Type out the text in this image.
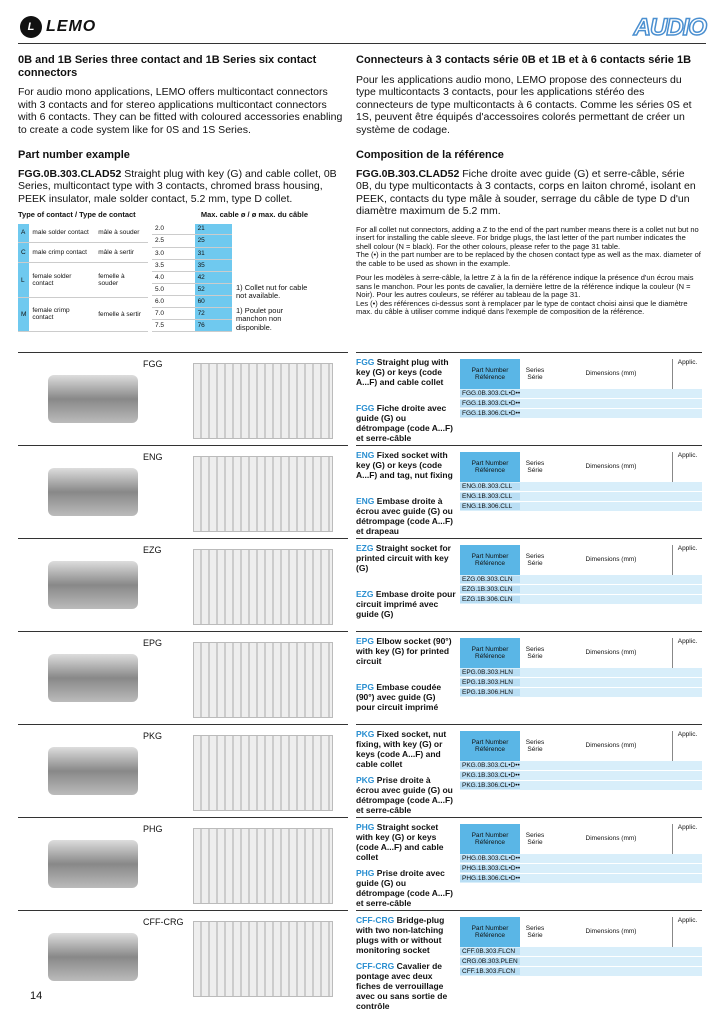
L LEMO	AUDIO
0B and 1B Series three contact and 1B Series six contact connectors
For audio mono applications, LEMO offers multicontact connectors with 3 contacts and for stereo applications multicontact connectors with 6 contacts. They can be fitted with coloured accessories enabling to create a code system like for 0S and 1S Series.
Part number example
FGG.0B.303.CLAD52 Straight plug with key (G) and cable collet, 0B Series, multicontact type with 3 contacts, chromed brass housing, PEEK insulator, male solder contact, 5.2 mm, type D collet.
Type of contact / Type de contact	Max. cable ø / ø max. du câble
A	male solder contact	mâle à souder
C	male crimp contact	mâle à sertir
L	female solder contact	femelle à souder
M	female crimp contact	femelle à sertir
2.0	21
2.5	25
3.0	31
3.5	35
4.0	42
5.0	52
6.0	60
7.0	72
7.5	76
1) Collet nut for cable not available.
1) Poulet pour manchon non disponible.
Connecteurs à 3 contacts série 0B et 1B et à 6 contacts série 1B
Pour les applications audio mono, LEMO propose des connecteurs du type multicontacts 3 contacts, pour les applications stéréo des connecteurs de type multicontacts à 6 contacts. Comme les séries 0S et 1S, peuvent être équipés d'accessoires colorés permettant de créer un système de codage.
Composition de la référence
FGG.0B.303.CLAD52 Fiche droite avec guide (G) et serre-câble, série 0B, du type multicontacts à 3 contacts, corps en laiton chromé, isolant en PEEK, contacts du type mâle à souder, serrage du câble de type D d'un diamètre maximum de 5.2 mm.
For all collet nut connectors, adding a Z to the end of the part number means there is a collet nut but no insert for installing the cable sleeve. For bridge plugs, the last letter of the part number indicates the shell colour (N = black). For the other colours, please refer to the page 31 table.
The (•) in the part number are to be replaced by the chosen contact type as well as the max. diameter of the cable to be used as shown in the example.
Pour les modèles à serre-câble, la lettre Z à la fin de la référence indique la présence d'un écrou mais sans le manchon. Pour les ponts de cavalier, la dernière lettre de la référence indique la couleur (N = Noir). Pour les autres couleurs, se référer au tableau de la page 31.
Les (•) des références ci-dessus sont à remplacer par le type de contact choisi ainsi que le diamètre max. du câble à utiliser comme indiqué dans l'exemple de composition de la référence.
FGG	FGG Straight plug with key (G) or keys (code A...F) and cable collet
FGG Fiche droite avec guide (G) ou détrompage (code A...F) et serre-câble
Part Number Référence
Series Série
Dimensions (mm)
Applic.
FGG.0B.303.CL•D••
FGG.1B.303.CL•D••
FGG.1B.306.CL•D••
ENG	ENG Fixed socket with key (G) or keys (code A...F) and tag, nut fixing
ENG Embase droite à écrou avec guide (G) ou détrompage (code A...F) et drapeau
Part Number Référence
Series Série
Dimensions (mm)
Applic.
ENG.0B.303.CLL
ENG.1B.303.CLL
ENG.1B.306.CLL
EZG	EZG Straight socket for printed circuit with key (G)
EZG Embase droite pour circuit imprimé avec guide (G)
Part Number Référence
Series Série
Dimensions (mm)
Applic.
EZG.0B.303.CLN
EZG.1B.303.CLN
EZG.1B.306.CLN
EPG	EPG Elbow socket (90°) with key (G) for printed circuit
EPG Embase coudée (90°) avec guide (G) pour circuit imprimé
Part Number Référence
Series Série
Dimensions (mm)
Applic.
EPG.0B.303.HLN
EPG.1B.303.HLN
EPG.1B.306.HLN
PKG	PKG Fixed socket, nut fixing, with key (G) or keys (code A...F) and cable collet
PKG Prise droite à écrou avec guide (G) ou détrompage (code A...F) et serre-câble
Part Number Référence
Series Série
Dimensions (mm)
Applic.
PKG.0B.303.CL•D••
PKG.1B.303.CL•D••
PKG.1B.306.CL•D••
PHG	PHG Straight socket with key (G) or keys (code A...F) and cable collet
PHG Prise droite avec guide (G) ou détrompage (code A...F) et serre-câble
Part Number Référence
Series Série
Dimensions (mm)
Applic.
PHG.0B.303.CL•D••
PHG.1B.303.CL•D••
PHG.1B.306.CL•D••
CFF-CRG	CFF-CRG Bridge-plug with two non-latching plugs with or without monitoring socket
CFF-CRG Cavalier de pontage avec deux fiches de verrouillage avec ou sans sortie de contrôle
Part Number Référence
Series Série
Dimensions (mm)
Applic.
CFF.0B.303.FLCN
CRG.0B.303.PLEN
CFF.1B.303.FLCN
14
